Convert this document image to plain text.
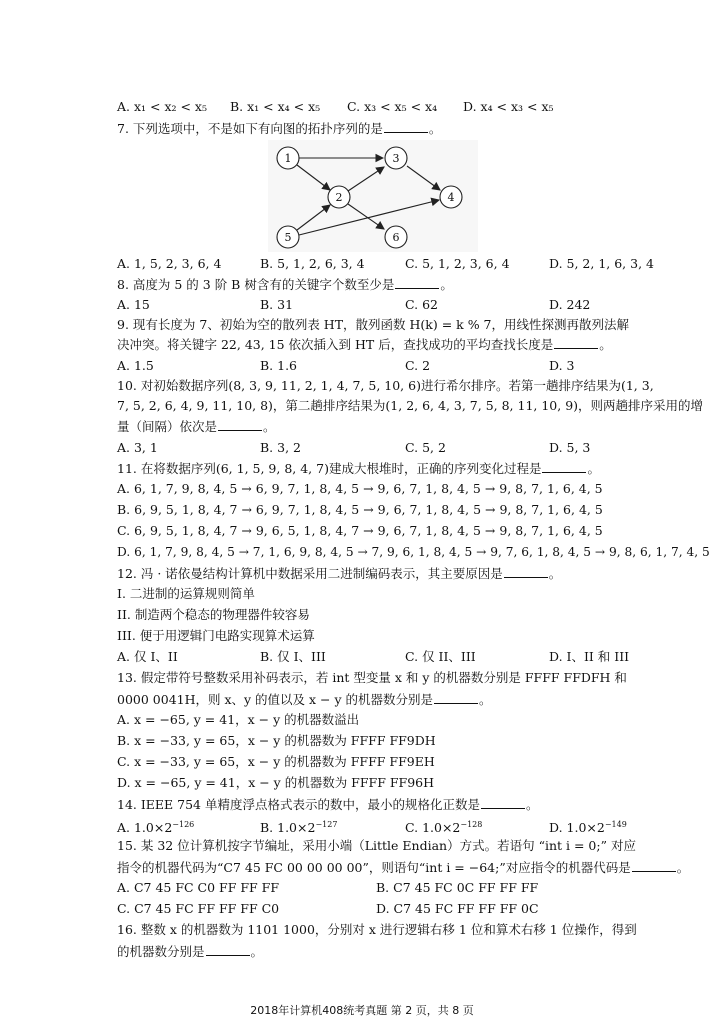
A. x₁ < x₂ < x₅ B. x₁ < x₄ < x₅ C. x₃ < x₅ < x₄ D. x₄ < x₃ < x₅
7. 下列选项中，不是如下有向图的拓扑序列的是	。
1
2
3
4
5	6
A. 1, 5, 2, 3, 6, 4	B. 5, 1, 2, 6, 3, 4	C. 5, 1, 2, 3, 6, 4	D. 5, 2, 1, 6, 3, 4
8. 高度为 5 的 3 阶 B 树含有的关键字个数至少是	。
A. 15	B. 31	C. 62	D. 242
9. 现有长度为 7、初始为空的散列表 HT，散列函数 H(k) = k % 7，用线性探测再散列法解
决冲突。将关键字 22, 43, 15 依次插入到 HT 后，查找成功的平均查找长度是	。
A. 1.5	B. 1.6	C. 2	D. 3
10. 对初始数据序列(8, 3, 9, 11, 2, 1, 4, 7, 5, 10, 6)进行希尔排序。若第一趟排序结果为(1, 3,
7, 5, 2, 6, 4, 9, 11, 10, 8)，第二趟排序结果为(1, 2, 6, 4, 3, 7, 5, 8, 11, 10, 9)，则两趟排序采用的增
量（间隔）依次是	。
A. 3, 1	B. 3, 2	C. 5, 2	D. 5, 3
11. 在将数据序列(6, 1, 5, 9, 8, 4, 7)建成大根堆时，正确的序列变化过程是	。
A. 6, 1, 7, 9, 8, 4, 5 → 6, 9, 7, 1, 8, 4, 5 → 9, 6, 7, 1, 8, 4, 5 → 9, 8, 7, 1, 6, 4, 5
B. 6, 9, 5, 1, 8, 4, 7 → 6, 9, 7, 1, 8, 4, 5 → 9, 6, 7, 1, 8, 4, 5 → 9, 8, 7, 1, 6, 4, 5
C. 6, 9, 5, 1, 8, 4, 7 → 9, 6, 5, 1, 8, 4, 7 → 9, 6, 7, 1, 8, 4, 5 → 9, 8, 7, 1, 6, 4, 5
D. 6, 1, 7, 9, 8, 4, 5 → 7, 1, 6, 9, 8, 4, 5 → 7, 9, 6, 1, 8, 4, 5 → 9, 7, 6, 1, 8, 4, 5 → 9, 8, 6, 1, 7, 4, 5
12. 冯 · 诺依曼结构计算机中数据采用二进制编码表示，其主要原因是	。
I. 二进制的运算规则简单
II. 制造两个稳态的物理器件较容易
III. 便于用逻辑门电路实现算术运算
A. 仅 I、II	B. 仅 I、III	C. 仅 II、III	D. I、II 和 III
13. 假定带符号整数采用补码表示，若 int 型变量 x 和 y 的机器数分别是 FFFF FFDFH 和
0000 0041H，则 x、y 的值以及 x − y 的机器数分别是	。
A. x = −65, y = 41，x − y 的机器数溢出
B. x = −33, y = 65，x − y 的机器数为 FFFF FF9DH
C. x = −33, y = 65，x − y 的机器数为 FFFF FF9EH
D. x = −65, y = 41，x − y 的机器数为 FFFF FF96H
14. IEEE 754 单精度浮点格式表示的数中，最小的规格化正数是	。
A. $1.0\times 2^{-126}$	B. $1.0\times 2^{-127}$	C. $1.0\times 2^{-128}$	D. $1.0\times 2^{-149}$
15. 某 32 位计算机按字节编址，采用小端（Little Endian）方式。若语句 “int i = 0;” 对应
指令的机器代码为“C7 45 FC 00 00 00 00”，则语句“int i = −64;”对应指令的机器代码是	。
A. C7 45 FC C0 FF FF FF	B. C7 45 FC 0C FF FF FF
C. C7 45 FC FF FF FF C0	D. C7 45 FC FF FF FF 0C
16. 整数 x 的机器数为 1101 1000，分别对 x 进行逻辑右移 1 位和算术右移 1 位操作，得到
的机器数分别是	。
2018年计算机408统考真题 第 2 页，共 8 页
